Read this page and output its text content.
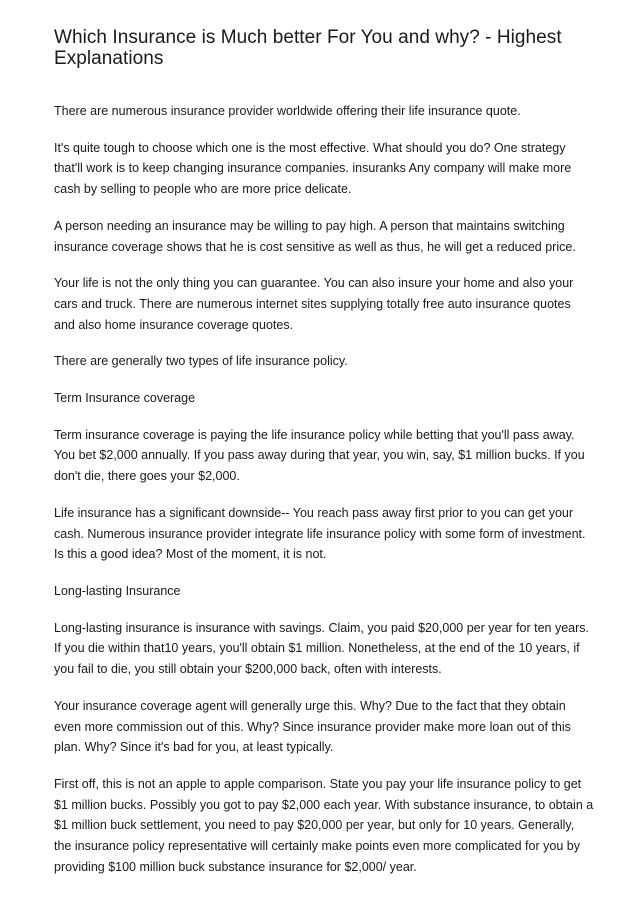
Which Insurance is Much better For You and why? - Highest Explanations

There are numerous insurance provider worldwide offering their life insurance quote.

It's quite tough to choose which one is the most effective. What should you do? One strategy that'll work is to keep changing insurance companies. insuranks Any company will make more cash by selling to people who are more price delicate.

A person needing an insurance may be willing to pay high. A person that maintains switching insurance coverage shows that he is cost sensitive as well as thus, he will get a reduced price.

Your life is not the only thing you can guarantee. You can also insure your home and also your cars and truck. There are numerous internet sites supplying totally free auto insurance quotes and also home insurance coverage quotes.

There are generally two types of life insurance policy.

Term Insurance coverage

Term insurance coverage is paying the life insurance policy while betting that you'll pass away. You bet $2,000 annually. If you pass away during that year, you win, say, $1 million bucks. If you don't die, there goes your $2,000.

Life insurance has a significant downside-- You reach pass away first prior to you can get your cash. Numerous insurance provider integrate life insurance policy with some form of investment. Is this a good idea? Most of the moment, it is not.

Long-lasting Insurance

Long-lasting insurance is insurance with savings. Claim, you paid $20,000 per year for ten years. If you die within that10 years, you'll obtain $1 million. Nonetheless, at the end of the 10 years, if you fail to die, you still obtain your $200,000 back, often with interests.

Your insurance coverage agent will generally urge this. Why? Due to the fact that they obtain even more commission out of this. Why? Since insurance provider make more loan out of this plan. Why? Since it's bad for you, at least typically.

First off, this is not an apple to apple comparison. State you pay your life insurance policy to get $1 million bucks. Possibly you got to pay $2,000 each year. With substance insurance, to obtain a $1 million buck settlement, you need to pay $20,000 per year, but only for 10 years. Generally, the insurance policy representative will certainly make points even more complicated for you by providing $100 million buck substance insurance for $2,000/ year.
